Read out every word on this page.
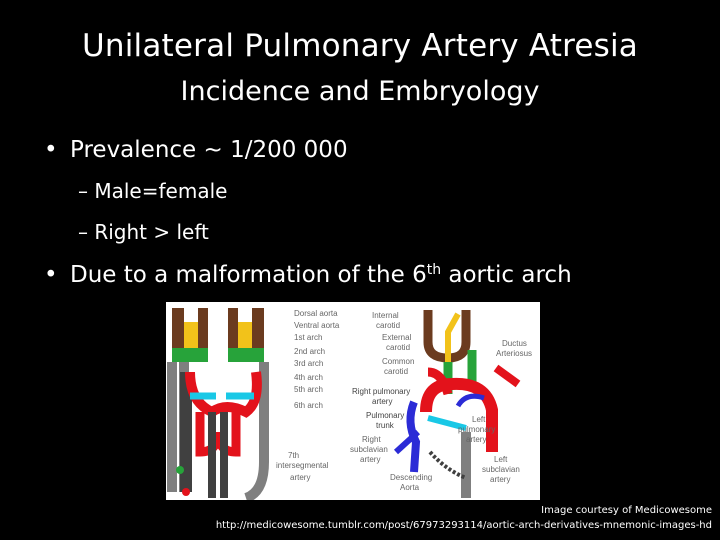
Unilateral Pulmonary Artery Atresia
Incidence and Embryology
• Prevalence ~ 1/200 000
– Male=female
– Right > left
• Due to a malformation of the 6th aortic arch
Dorsal aorta
Ventral aorta
1st arch
2nd arch
3rd arch
4th arch
5th arch
6th arch
7th
intersegmental
artery
Internal
carotid
External
carotid
Common
carotid
Right pulmonary
artery
Pulmonary
trunk
Right
subclavian
artery
Descending
Aorta
Ductus
Arteriosus
Left
pulmonary
artery
Left
subclavian
artery
Image courtesy of Medicowesome
http://medicowesome.tumblr.com/post/67973293114/aortic-arch-derivatives-mnemonic-images-hd
